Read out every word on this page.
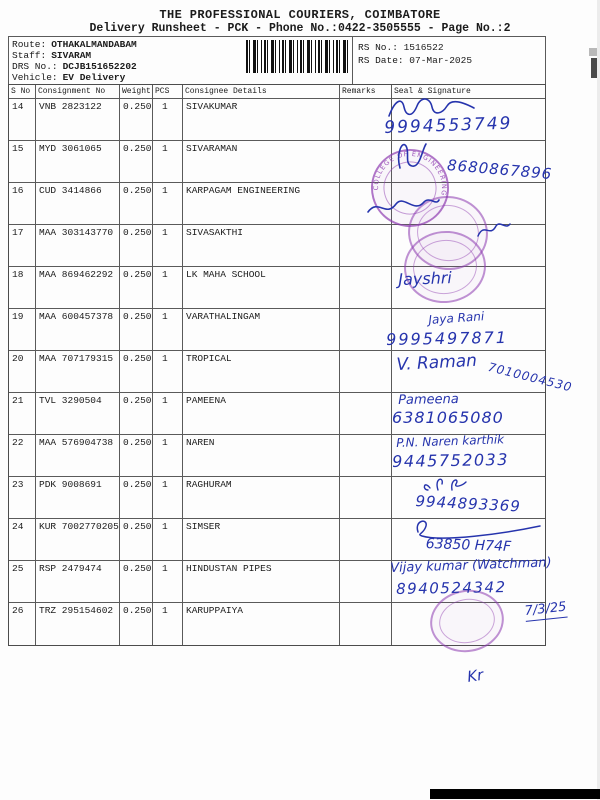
THE PROFESSIONAL COURIERS, COIMBATORE
Delivery Runsheet - PCK - Phone No.:0422-3505555 - Page No.:2
Route: OTHAKALMANDABAM
Staff: SIVARAM
DRS No.: DCJB151652202
Vehicle: EV Delivery
RS No.: 1516522
RS Date: 07-Mar-2025
S No Consignment No	Weight PCS	Consignee Details	Remarks	Seal & Signature
14	VNB 2823122	0.250	1	SIVAKUMAR
15	MYD 3061065	0.250	1	SIVARAMAN
16	CUD 3414866	0.250	1	KARPAGAM ENGINEERING
17	MAA 303143770	0.250	1	SIVASAKTHI
18	MAA 869462292	0.250	1	LK MAHA SCHOOL
19	MAA 600457378	0.250	1	VARATHALINGAM
20	MAA 707179315	0.250	1	TROPICAL
21	TVL 3290504	0.250	1	PAMEENA
22	MAA 576904738	0.250	1	NAREN
23	PDK 9008691	0.250	1	RAGHURAM
24	KUR 7002770205 0.250	1	SIMSER
25	RSP 2479474	0.250	1	HINDUSTAN PIPES
26	TRZ 295154602	0.250	1	KARUPPAIYA
COLLEGE OF ENGINEERING
9994553749
8680867896
Jayshri
Jaya Rani
9995497871
V. Raman 7010004530
Pameena
6381065080
P.N. Naren karthik
9445752033
9944893369
63850 H74F
Vijay kumar (Watchman)
8940524342
7/3/25
Kr
